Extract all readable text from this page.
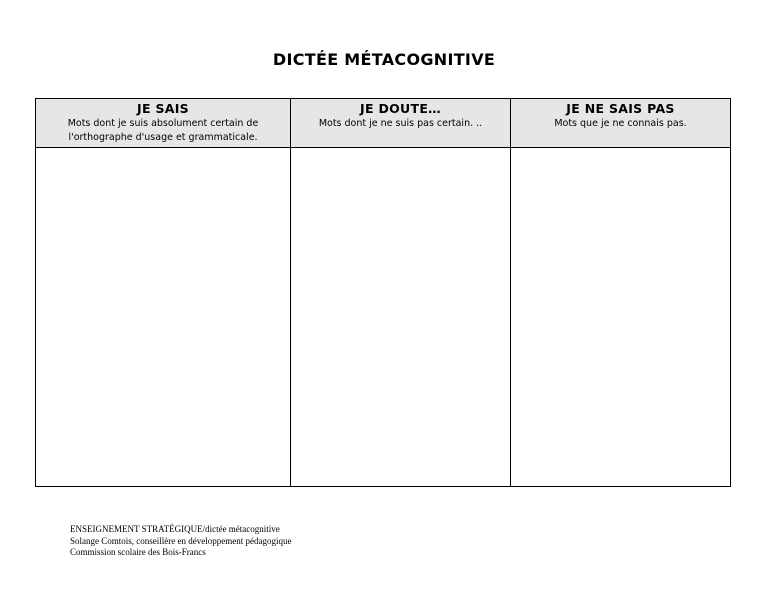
DICTÉE MÉTACOGNITIVE
JE SAIS
Mots dont je suis absolument certain de l'orthographe d'usage et grammaticale.
JE DOUTE…
Mots dont je ne suis pas certain. ..
JE NE SAIS PAS
Mots que je ne connais pas.
ENSEIGNEMENT STRATÉGIQUE/dictée métacognitive
Solange Comtois, conseillère en développement pédagogique
Commission scolaire des Bois-Francs
